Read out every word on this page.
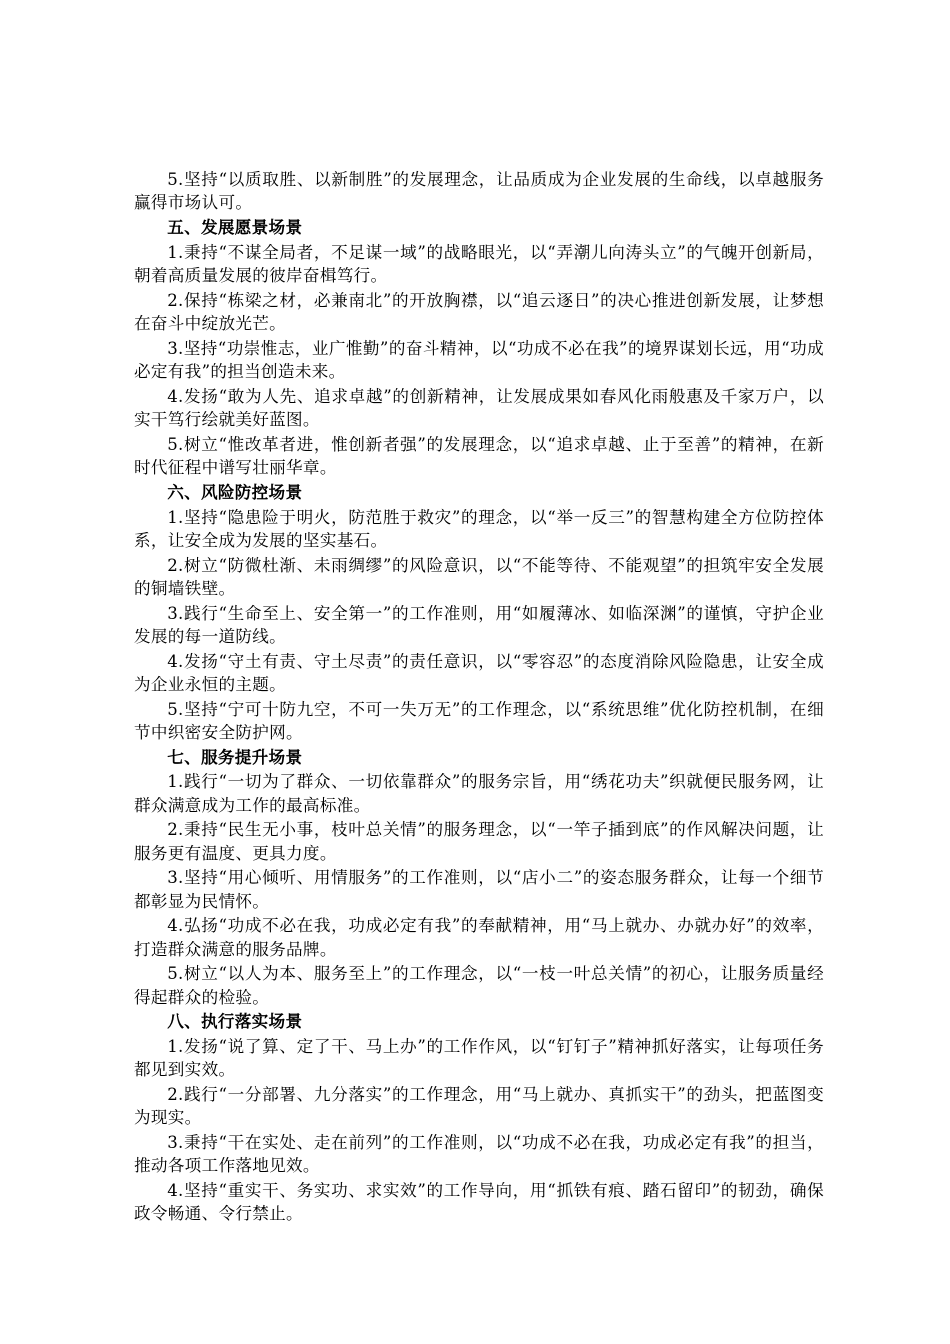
5.坚持“以质取胜、以新制胜”的发展理念，让品质成为企业发展的生命线，以卓越服务赢得市场认可。

五、发展愿景场景

1.秉持“不谋全局者，不足谋一域”的战略眼光，以“弄潮儿向涛头立”的气魄开创新局，朝着高质量发展的彼岸奋楫笃行。

2.保持“栋梁之材，必兼南北”的开放胸襟，以“追云逐日”的决心推进创新发展，让梦想在奋斗中绽放光芒。

3.坚持“功崇惟志，业广惟勤”的奋斗精神，以“功成不必在我”的境界谋划长远，用“功成必定有我”的担当创造未来。

4.发扬“敢为人先、追求卓越”的创新精神，让发展成果如春风化雨般惠及千家万户，以实干笃行绘就美好蓝图。

5.树立“惟改革者进，惟创新者强”的发展理念，以“追求卓越、止于至善”的精神，在新时代征程中谱写壮丽华章。

六、风险防控场景

1.坚持“隐患险于明火，防范胜于救灾”的理念，以“举一反三”的智慧构建全方位防控体系，让安全成为发展的坚实基石。

2.树立“防微杜渐、未雨绸缪”的风险意识，以“不能等待、不能观望”的担筑牢安全发展的铜墙铁壁。

3.践行“生命至上、安全第一”的工作准则，用“如履薄冰、如临深渊”的谨慎，守护企业发展的每一道防线。

4.发扬“守土有责、守土尽责”的责任意识，以“零容忍”的态度消除风险隐患，让安全成为企业永恒的主题。

5.坚持“宁可十防九空，不可一失万无”的工作理念，以“系统思维”优化防控机制，在细节中织密安全防护网。

七、服务提升场景

1.践行“一切为了群众、一切依靠群众”的服务宗旨，用“绣花功夫”织就便民服务网，让群众满意成为工作的最高标准。

2.秉持“民生无小事，枝叶总关情”的服务理念，以“一竿子插到底”的作风解决问题，让服务更有温度、更具力度。

3.坚持“用心倾听、用情服务”的工作准则，以“店小二”的姿态服务群众，让每一个细节都彰显为民情怀。

4.弘扬“功成不必在我，功成必定有我”的奉献精神，用“马上就办、办就办好”的效率，打造群众满意的服务品牌。

5.树立“以人为本、服务至上”的工作理念，以“一枝一叶总关情”的初心，让服务质量经得起群众的检验。

八、执行落实场景

1.发扬“说了算、定了干、马上办”的工作作风，以“钉钉子”精神抓好落实，让每项任务都见到实效。

2.践行“一分部署、九分落实”的工作理念，用“马上就办、真抓实干”的劲头，把蓝图变为现实。

3.秉持“干在实处、走在前列”的工作准则，以“功成不必在我，功成必定有我”的担当，推动各项工作落地见效。

4.坚持“重实干、务实功、求实效”的工作导向，用“抓铁有痕、踏石留印”的韧劲，确保政令畅通、令行禁止。
